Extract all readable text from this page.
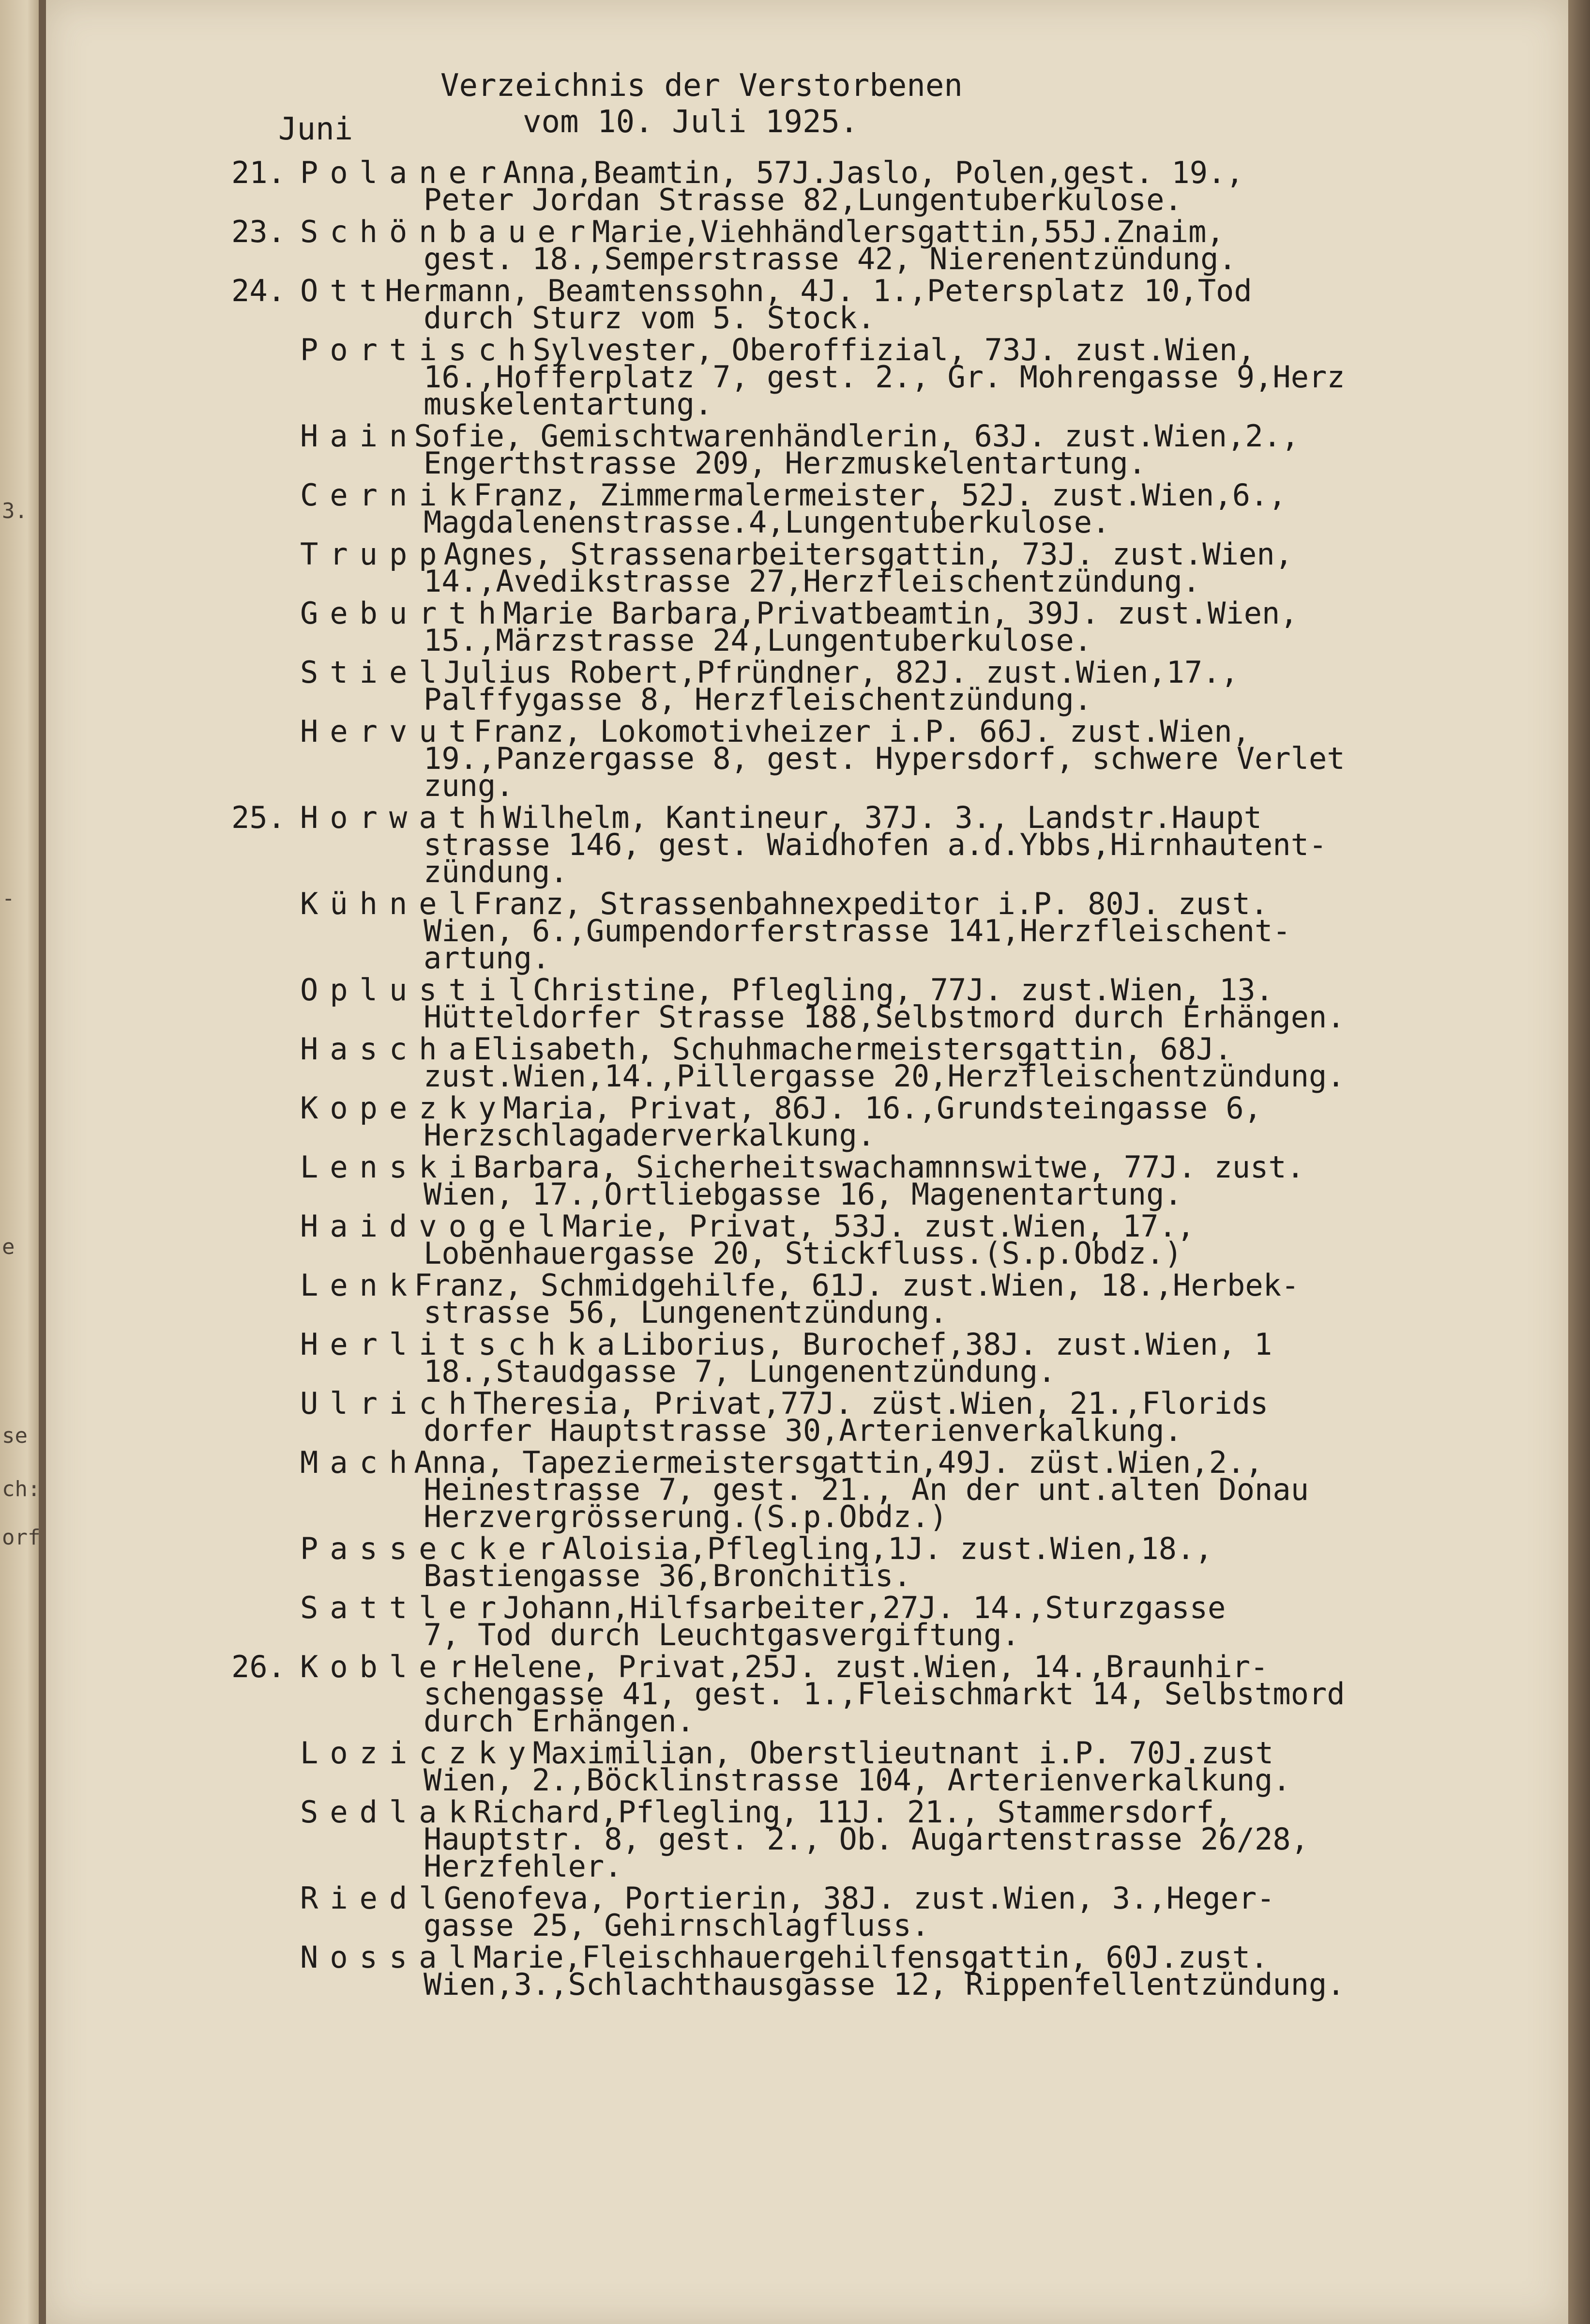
3.
-
e
se
ch:
orf
Verzeichnis der Verstorbenen
vom 10. Juli 1925.
Juni
21. Polaner
Anna,Beamtin, 57J.Jaslo, Polen,gest. 19.,
Peter Jordan Strasse 82,Lungentuberkulose.
23. Schönbauer
Marie,Viehhändlersgattin,55J.Znaim,
gest. 18.,Semperstrasse 42, Nierenentzündung.
24. Ott
Hermann, Beamtenssohn, 4J. 1.,Petersplatz 10,Tod
durch Sturz vom 5. Stock.
Portisch
Sylvester, Oberoffizial, 73J. zust.Wien,
16.,Hofferplatz 7, gest. 2., Gr. Mohrengasse 9,Herz
muskelentartung.
Hain
Sofie, Gemischtwarenhändlerin, 63J. zust.Wien,2.,
Engerthstrasse 209, Herzmuskelentartung.
Cernik
Franz, Zimmermalermeister, 52J. zust.Wien,6.,
Magdalenenstrasse.4,Lungentuberkulose.
Trupp
Agnes, Strassenarbeitersgattin, 73J. zust.Wien,
14.,Avedikstrasse 27,Herzfleischentzündung.
Geburth
Marie Barbara,Privatbeamtin, 39J. zust.Wien,
15.,Märzstrasse 24,Lungentuberkulose.
Stiel
Julius Robert,Pfründner, 82J. zust.Wien,17.,
Palffygasse 8, Herzfleischentzündung.
Hervut
Franz, Lokomotivheizer i.P. 66J. zust.Wien,
19.,Panzergasse 8, gest. Hypersdorf, schwere Verlet
zung.
25. Horwath
Wilhelm, Kantineur, 37J. 3., Landstr.Haupt
strasse 146, gest. Waidhofen a.d.Ybbs,Hirnhautent-
zündung.
Kühnel
Franz, Strassenbahnexpeditor i.P. 80J. zust.
Wien, 6.,Gumpendorferstrasse 141,Herzfleischent-
artung.
Oplustil
Christine, Pflegling, 77J. zust.Wien, 13.
Hütteldorfer Strasse 188,Selbstmord durch Erhängen.
Hascha
Elisabeth, Schuhmachermeistersgattin, 68J.
zust.Wien,14.,Pillergasse 20,Herzfleischentzündung.
Kopezky
Maria, Privat, 86J. 16.,Grundsteingasse 6,
Herzschlagaderverkalkung.
Lenski
Barbara, Sicherheitswachamnnswitwe, 77J. zust.
Wien, 17.,Ortliebgasse 16, Magenentartung.
Haidvogel
Marie, Privat, 53J. zust.Wien, 17.,
Lobenhauergasse 20, Stickfluss.(S.p.Obdz.)
Lenk
Franz, Schmidgehilfe, 61J. zust.Wien, 18.,Herbek-
strasse 56, Lungenentzündung.
Herlitschka
Liborius, Burochef,38J. zust.Wien, 1
18.,Staudgasse 7, Lungenentzündung.
Ulrich
Theresia, Privat,77J. züst.Wien, 21.,Florids
dorfer Hauptstrasse 30,Arterienverkalkung.
Mach
Anna, Tapeziermeistersgattin,49J. züst.Wien,2.,
Heinestrasse 7, gest. 21., An der unt.alten Donau
Herzvergrösserung.(S.p.Obdz.)
Passecker
Aloisia,Pflegling,1J. zust.Wien,18.,
Bastiengasse 36,Bronchitis.
Sattler
Johann,Hilfsarbeiter,27J. 14.,Sturzgasse
7, Tod durch Leuchtgasvergiftung.
26. Kobler
Helene, Privat,25J. zust.Wien, 14.,Braunhir-
schengasse 41, gest. 1.,Fleischmarkt 14, Selbstmord
durch Erhängen.
Loziczky
Maximilian, Oberstlieutnant i.P. 70J.zust
Wien, 2.,Böcklinstrasse 104, Arterienverkalkung.
Sedlak
Richard,Pflegling, 11J. 21., Stammersdorf,
Hauptstr. 8, gest. 2., Ob. Augartenstrasse 26/28,
Herzfehler.
Riedl
Genofeva, Portierin, 38J. zust.Wien, 3.,Heger-
gasse 25, Gehirnschlagfluss.
Nossal
Marie,Fleischhauergehilfensgattin, 60J.zust.
Wien,3.,Schlachthausgasse 12, Rippenfellentzündung.
